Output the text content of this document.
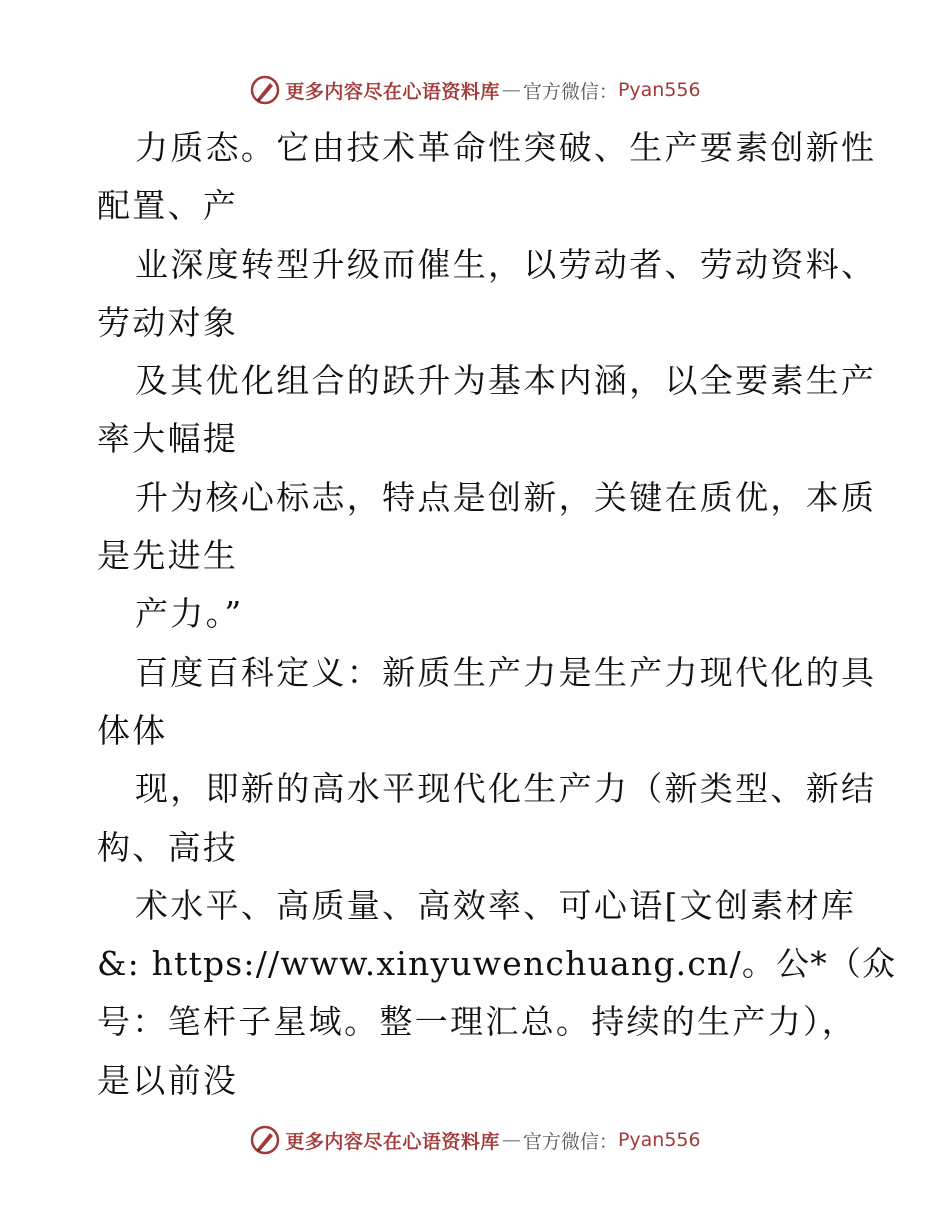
更多内容尽在心语资料库 — 官方微信： Pyan556
力质态。它由技术革命性突破、生产要素创新性
配置、产
业深度转型升级而催生，以劳动者、劳动资料、
劳动对象
及其优化组合的跃升为基本内涵，以全要素生产
率大幅提
升为核心标志，特点是创新，关键在质优，本质
是先进生
产力。”
百度百科定义：新质生产力是生产力现代化的具
体体
现，即新的高水平现代化生产力（新类型、新结
构、高技
术水平、高质量、高效率、可心语[文创素材库
&: https://www.xinyuwenchuang.cn/。公*（众
号：笔杆子星域。整一理汇总。持续的生产力），
是以前没
更多内容尽在心语资料库 — 官方微信： Pyan556
